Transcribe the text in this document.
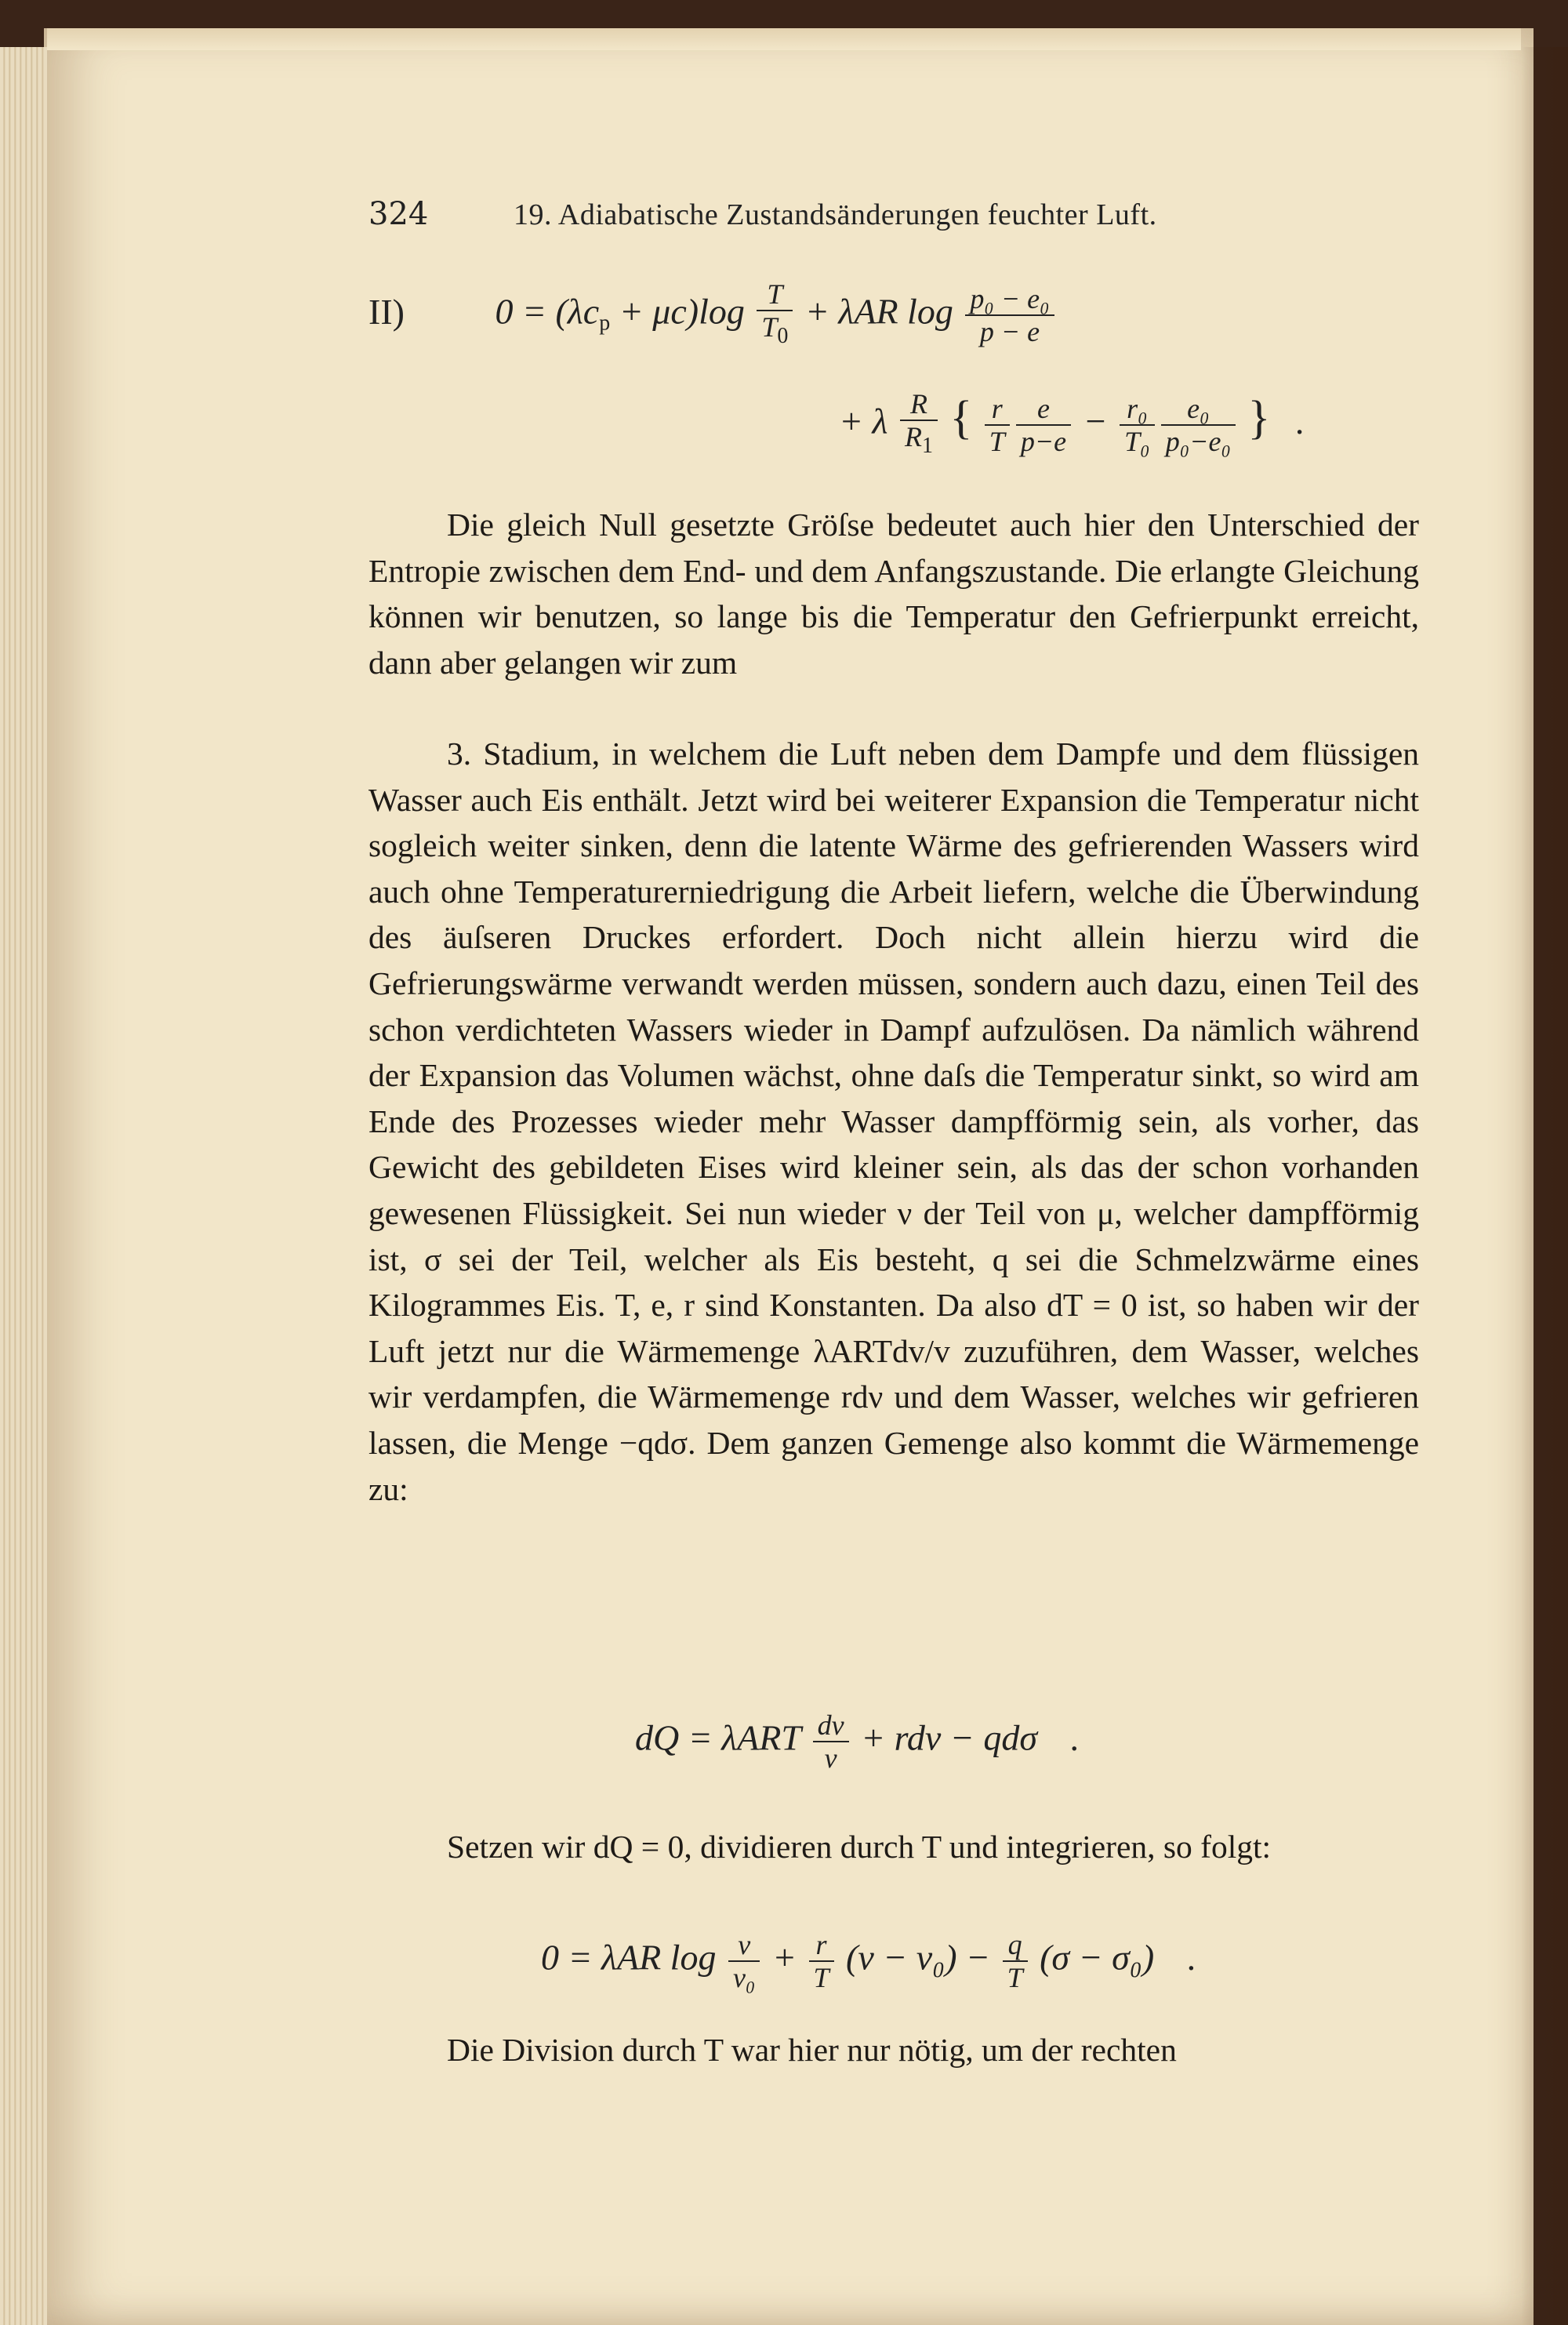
324	19. Adiabatische Zustandsänderungen feuchter Luft.
II)	$0 = (\lambda c_p + \mu c)\log \frac{T}{T_0} + \lambda AR$ $\log \frac{\text{p₀ − e₀}}{p - e}$
+ λ $\frac{R}{R_1}$ { $\frac{r}{T} \frac{e}{p-e} - \frac{\text{r₀}}{\text{T₀}} \frac{\text{e₀}}{\text{p₀−e₀}}$ } .

Die gleich Null gesetzte Gröſse bedeutet auch hier den Unterschied der Entropie zwischen dem End- und dem Anfangszustande. Die erlangte Gleichung können wir benutzen, so lange bis die Temperatur den Gefrierpunkt erreicht, dann aber gelangen wir zum

3. Stadium, in welchem die Luft neben dem Dampfe und dem flüssigen Wasser auch Eis enthält. Jetzt wird bei weiterer Expansion die Temperatur nicht sogleich weiter sinken, denn die latente Wärme des gefrierenden Wassers wird auch ohne Temperaturerniedrigung die Arbeit liefern, welche die Überwindung des äuſseren Druckes erfordert. Doch nicht allein hierzu wird die Gefrierungswärme verwandt werden müssen, sondern auch dazu, einen Teil des schon verdichteten Wassers wieder in Dampf aufzulösen. Da nämlich während der Expansion das Volumen wächst, ohne daſs die Temperatur sinkt, so wird am Ende des Prozesses wieder mehr Wasser dampfförmig sein, als vorher, das Gewicht des gebildeten Eises wird kleiner sein, als das der schon vorhanden gewesenen Flüssigkeit. Sei nun wieder ν der Teil von μ, welcher dampfförmig ist, σ sei der Teil, welcher als Eis besteht, q sei die Schmelzwärme eines Kilogrammes Eis. T, e, r sind Konstanten. Da also dT = 0 ist, so haben wir der Luft jetzt nur die Wärmemenge λARTdv/v zuzuführen, dem Wasser, welches wir verdampfen, die Wärmemenge rdν und dem Wasser, welches wir gefrieren lassen, die Menge −qdσ. Dem ganzen Gemenge also kommt die Wärmemenge zu:

dQ = λART $\frac{dv}{v} + rd\nu - qd\sigma$ .

Setzen wir dQ = 0, dividieren durch T und integrieren, so folgt:

0 = λAR $\log \frac{v}{\text{v₀}} + \frac{r}{T} (\nu - \nu_0) - \frac{q}{T} (\sigma - \sigma_0)$ .

Die Division durch T war hier nur nötig, um der rechten
